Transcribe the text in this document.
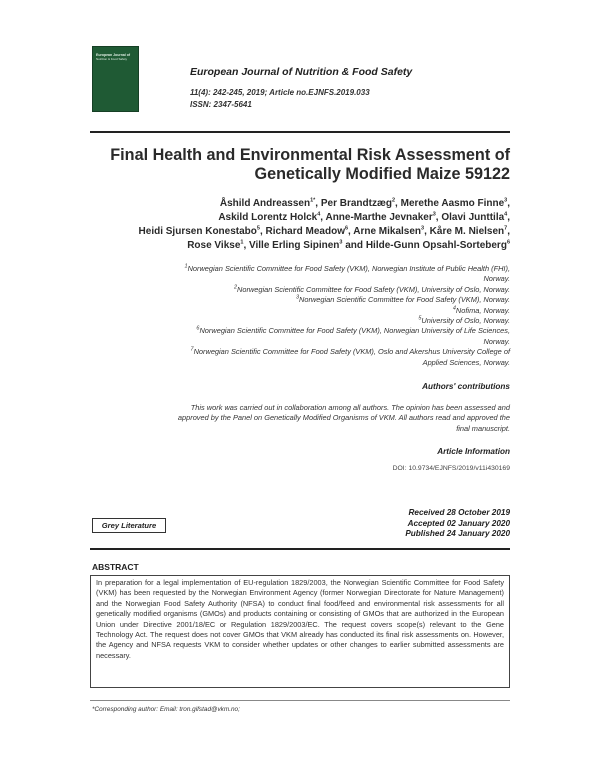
European Journal of
Nutrition & Food Safety
European Journal of Nutrition & Food Safety
11(4): 242-245, 2019; Article no.EJNFS.2019.033
ISSN: 2347-5641
Final Health and Environmental Risk Assessment of
Genetically Modified Maize 59122
Åshild Andreassen$^{1*}$, Per Brandtzæg$^2$, Merethe Aasmo Finne$^3$,
Askild Lorentz Holck$^4$, Anne-Marthe Jevnaker$^3$, Olavi Junttila$^4$,
Heidi Sjursen Konestabo$^5$, Richard Meadow$^6$, Arne Mikalsen$^3$, Kåre M. Nielsen$^7$,
Rose Vikse$^1$, Ville Erling Sipinen$^3$ and Hilde-Gunn Opsahl-Sorteberg$^6$
$^1$Norwegian Scientific Committee for Food Safety (VKM), Norwegian Institute of Public Health (FHI),
Norway.
$^2$Norwegian Scientific Committee for Food Safety (VKM), University of Oslo, Norway.
$^3$Norwegian Scientific Committee for Food Safety (VKM), Norway.
$^4$Nofima, Norway.
$^5$University of Oslo, Norway.
$^6$Norwegian Scientific Committee for Food Safety (VKM), Norwegian University of Life Sciences,
Norway.
$^7$Norwegian Scientific Committee for Food Safety (VKM), Oslo and Akershus University College of
Applied Sciences, Norway.
Authors' contributions
This work was carried out in collaboration among all authors. The opinion has been assessed and
approved by the Panel on Genetically Modified Organisms of VKM. All authors read and approved the
final manuscript.
Article Information
DOI: 10.9734/EJNFS/2019/v11i430169
Received 28 October 2019
Accepted 02 January 2020
Published 24 January 2020
Grey Literature
ABSTRACT
In preparation for a legal implementation of EU-regulation 1829/2003, the Norwegian Scientific Committee for Food Safety (VKM) has been requested by the Norwegian Environment Agency (former Norwegian Directorate for Nature Management) and the Norwegian Food Safety Authority (NFSA) to conduct final food/feed and environmental risk assessments for all genetically modified organisms (GMOs) and products containing or consisting of GMOs that are authorized in the European Union under Directive 2001/18/EC or Regulation 1829/2003/EC. The request covers scope(s) relevant to the Gene Technology Act. The request does not cover GMOs that VKM already has conducted its final risk assessments on. However, the Agency and NFSA requests VKM to consider whether updates or other changes to earlier submitted assessments are necessary.
*Corresponding author: Email: tron.gifstad@vkm.no;
